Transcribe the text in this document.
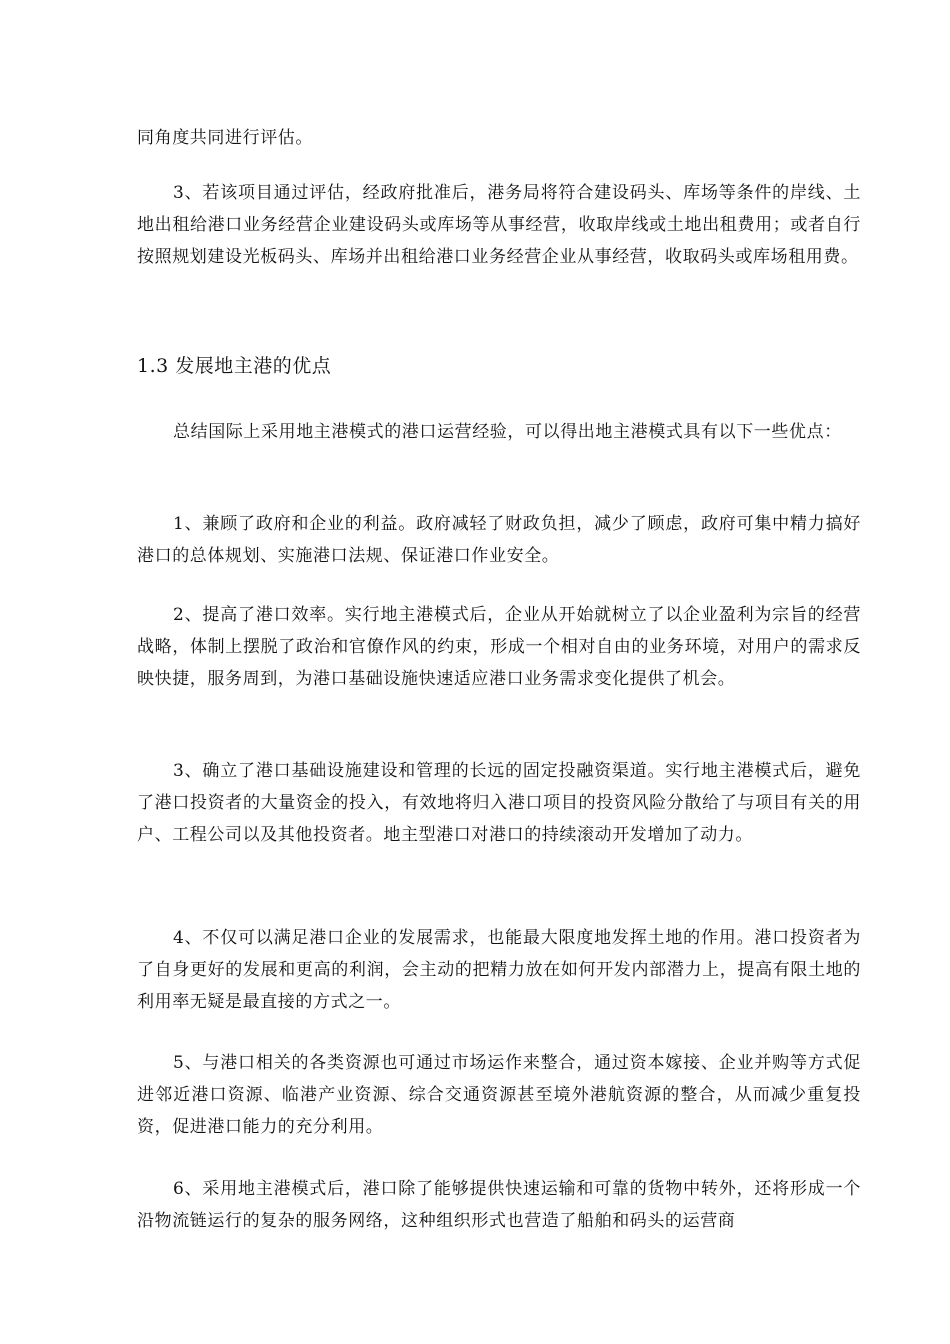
同角度共同进行评估。
3、若该项目通过评估，经政府批准后，港务局将符合建设码头、库场等条件的岸线、土地出租给港口业务经营企业建设码头或库场等从事经营，收取岸线或土地出租费用；或者自行按照规划建设光板码头、库场并出租给港口业务经营企业从事经营，收取码头或库场租用费。
1.3 发展地主港的优点
总结国际上采用地主港模式的港口运营经验，可以得出地主港模式具有以下一些优点：
1、兼顾了政府和企业的利益。政府减轻了财政负担，减少了顾虑，政府可集中精力搞好港口的总体规划、实施港口法规、保证港口作业安全。
2、提高了港口效率。实行地主港模式后，企业从开始就树立了以企业盈利为宗旨的经营战略，体制上摆脱了政治和官僚作风的约束，形成一个相对自由的业务环境，对用户的需求反映快捷，服务周到，为港口基础设施快速适应港口业务需求变化提供了机会。
3、确立了港口基础设施建设和管理的长远的固定投融资渠道。实行地主港模式后，避免了港口投资者的大量资金的投入，有效地将归入港口项目的投资风险分散给了与项目有关的用户、工程公司以及其他投资者。地主型港口对港口的持续滚动开发增加了动力。
4、不仅可以满足港口企业的发展需求，也能最大限度地发挥土地的作用。港口投资者为了自身更好的发展和更高的利润，会主动的把精力放在如何开发内部潜力上，提高有限土地的利用率无疑是最直接的方式之一。
5、与港口相关的各类资源也可通过市场运作来整合，通过资本嫁接、企业并购等方式促进邻近港口资源、临港产业资源、综合交通资源甚至境外港航资源的整合，从而减少重复投资，促进港口能力的充分利用。
6、采用地主港模式后，港口除了能够提供快速运输和可靠的货物中转外，还将形成一个沿物流链运行的复杂的服务网络，这种组织形式也营造了船舶和码头的运营商
